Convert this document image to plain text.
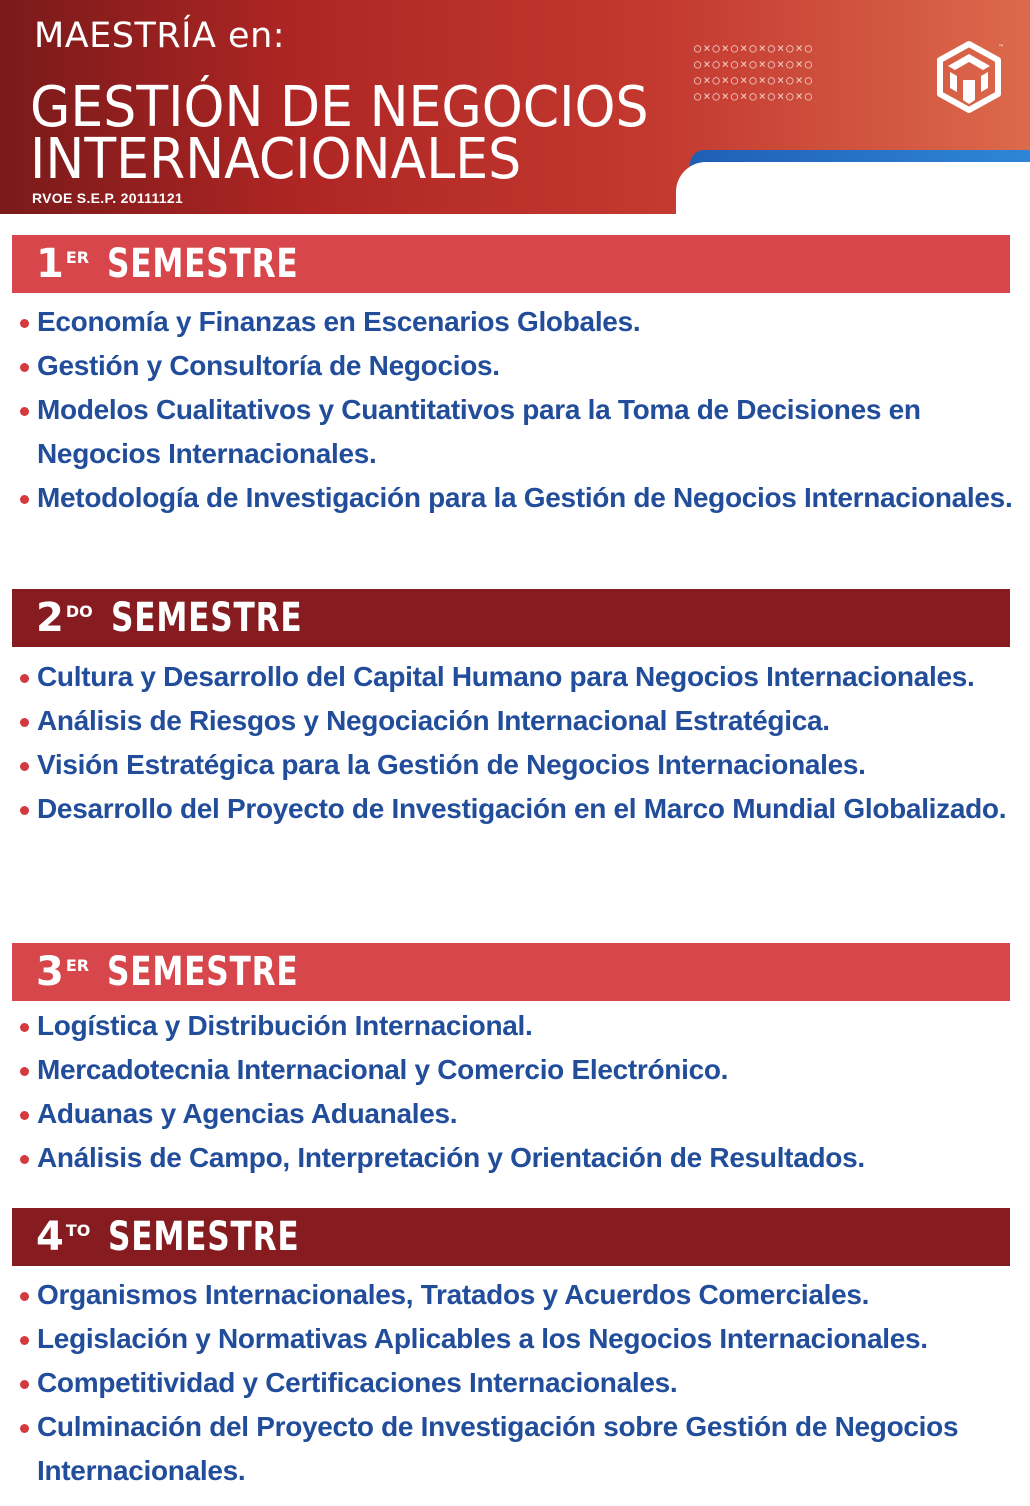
MAESTRÍA en:
GESTIÓN DE NEGOCIOS
INTERNACIONALES
RVOE S.E.P. 20111121
○×○×○×○×○×○×○
○×○×○×○×○×○×○
○×○×○×○×○×○×○
○×○×○×○×○×○×○
™
1 ER SEMESTRE
Economía y Finanzas en Escenarios Globales.
Gestión y Consultoría de Negocios.
Modelos Cualitativos y Cuantitativos para la Toma de Decisiones en Negocios Internacionales.
Metodología de Investigación para la Gestión de Negocios Internacionales.
2 DO SEMESTRE
Cultura y Desarrollo del Capital Humano para Negocios Internacionales.
Análisis de Riesgos y Negociación Internacional Estratégica.
Visión Estratégica para la Gestión de Negocios Internacionales.
Desarrollo del Proyecto de Investigación en el Marco Mundial Globalizado.
3 ER SEMESTRE
Logística y Distribución Internacional.
Mercadotecnia Internacional y Comercio Electrónico.
Aduanas y Agencias Aduanales.
Análisis de Campo, Interpretación y Orientación de Resultados.
4 TO SEMESTRE
Organismos Internacionales, Tratados y Acuerdos Comerciales.
Legislación y Normativas Aplicables a los Negocios Internacionales.
Competitividad y Certificaciones Internacionales.
Culminación del Proyecto de Investigación sobre Gestión de Negocios Internacionales.
